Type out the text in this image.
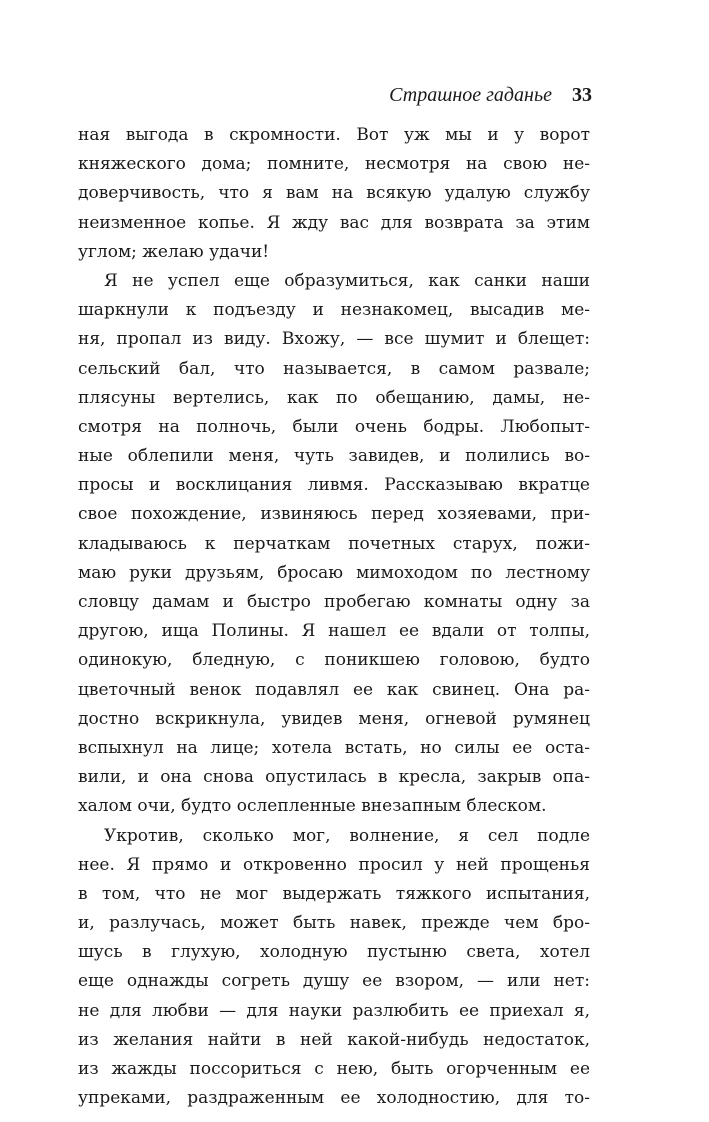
Страшное гаданье 33
ная выгода в скромности. Вот уж мы и у ворот
княжеского дома; помните, несмотря на свою не-
доверчивость, что я вам на всякую удалую службу
неизменное копье. Я жду вас для возврата за этим
углом; желаю удачи!
Я не успел еще образумиться, как санки наши
шаркнули к подъезду и незнакомец, высадив ме-
ня, пропал из виду. Вхожу, — все шумит и блещет:
сельский бал, что называется, в самом развале;
плясуны вертелись, как по обещанию, дамы, не-
смотря на полночь, были очень бодры. Любопыт-
ные облепили меня, чуть завидев, и полились во-
просы и восклицания ливмя. Рассказываю вкратце
свое похождение, извиняюсь перед хозяевами, при-
кладываюсь к перчаткам почетных старух, пожи-
маю руки друзьям, бросаю мимоходом по лестному
словцу дамам и быстро пробегаю комнаты одну за
другою, ища Полины. Я нашел ее вдали от толпы,
одинокую, бледную, с поникшею головою, будто
цветочный венок подавлял ее как свинец. Она ра-
достно вскрикнула, увидев меня, огневой румянец
вспыхнул на лице; хотела встать, но силы ее оста-
вили, и она снова опустилась в кресла, закрыв опа-
халом очи, будто ослепленные внезапным блеском.
Укротив, сколько мог, волнение, я сел подле
нее. Я прямо и откровенно просил у ней прощенья
в том, что не мог выдержать тяжкого испытания,
и, разлучась, может быть навек, прежде чем бро-
шусь в глухую, холодную пустыню света, хотел
еще однажды согреть душу ее взором, — или нет:
не для любви — для науки разлюбить ее приехал я,
из желания найти в ней какой-нибудь недостаток,
из жажды поссориться с нею, быть огорченным ее
упреками, раздраженным ее холодностию, для то-
